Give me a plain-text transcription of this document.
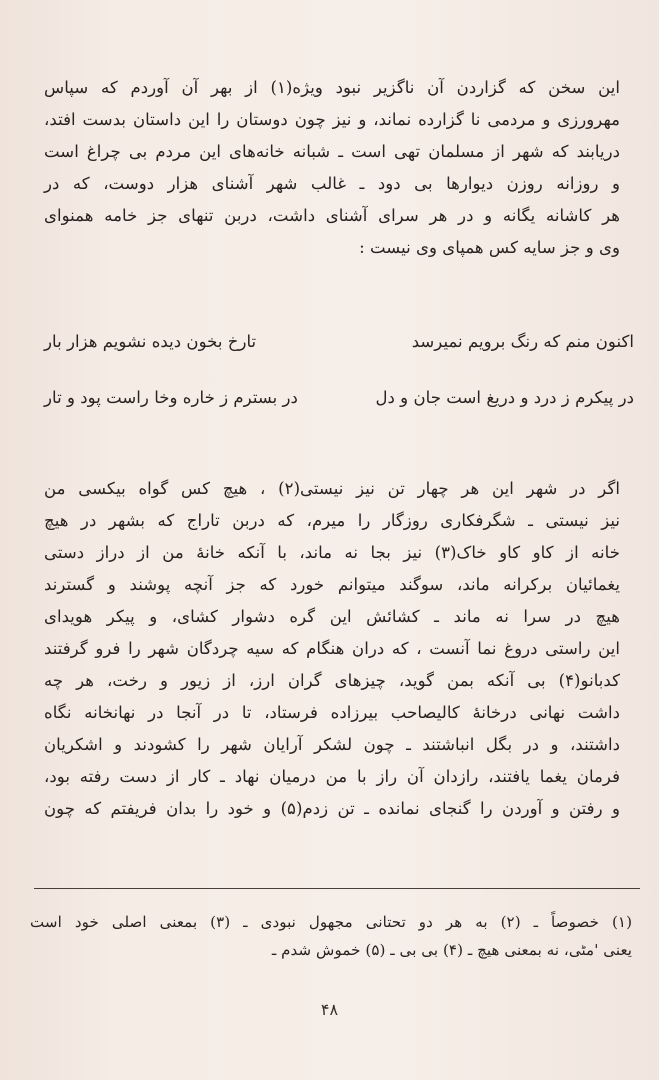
این سخن که گزاردن آن ناگزیر نبود ویژه(۱) از بهر آن آوردم که سپاس
مهرورزی و مردمی نا گزارده نماند، و نیز چون دوستان را این داستان بدست افتد،
دریابند که شهر از مسلمان تهی است ـ شبانه خانه‌های این مردم بی چراغ است
و روزانه روزن دیوارها بی دود ـ غالب شهر آشنای هزار دوست، که در
هر کاشانه یگانه و در هر سرای آشنای داشت، دربن تنهای جز خامه همنوای
وی و جز سایه کس همپای وی نیست :
اکنون منم که رنگ برویم نمیرسد
تارخ بخون دیده نشویم هزار بار
در پیکرم ز درد و دریغ است جان و دل
در بسترم ز خاره وخا راست پود و تار
اگر در شهر این هر چهار تن نیز نیستی(۲) ، هیچ کس گواه بیکسی من
نیز نیستی ـ شگرفکاری روزگار را میرم، که دربن تاراج که بشهر در هیچ
خانه از کاو کاو خاک(۳) نیز بجا نه ماند، با آنکه خانهٔ من از دراز دستی
یغمائیان برکرانه ماند، سوگند میتوانم خورد که جز آنچه پوشند و گسترند
هیچ در سرا نه ماند ـ کشائش این گره دشوار کشای، و پیکر هویدای
این راستی دروغ نما آنست ، که دران هنگام که سیه چردگان شهر را فرو گرفتند
کدبانو(۴) بی آنکه بمن گوید، چیزهای گران ارز، از زیور و رخت، هر چه
داشت نهانی درخانهٔ کالیصاحب بیرزاده فرستاد، تا در آنجا در نهانخانه نگاه
داشتند، و در بگل انباشتند ـ چون لشکر آرایان شهر را کشودند و اشکریان
فرمان یغما یافتند، رازدان آن راز با من درمیان نهاد ـ کار از دست رفته بود،
و رفتن و آوردن را گنجای نمانده ـ تن زدم(۵) و خود را بدان فریفتم که چون
(۱) خصوصاً ـ (۲) به هر دو تحتانی مجهول نبودی ـ (۳) بمعنی اصلی خود است
یعنی 'مٹی، نه بمعنی هیچ ـ (۴) بی بی ـ (۵) خموش شدم ـ
۴۸
